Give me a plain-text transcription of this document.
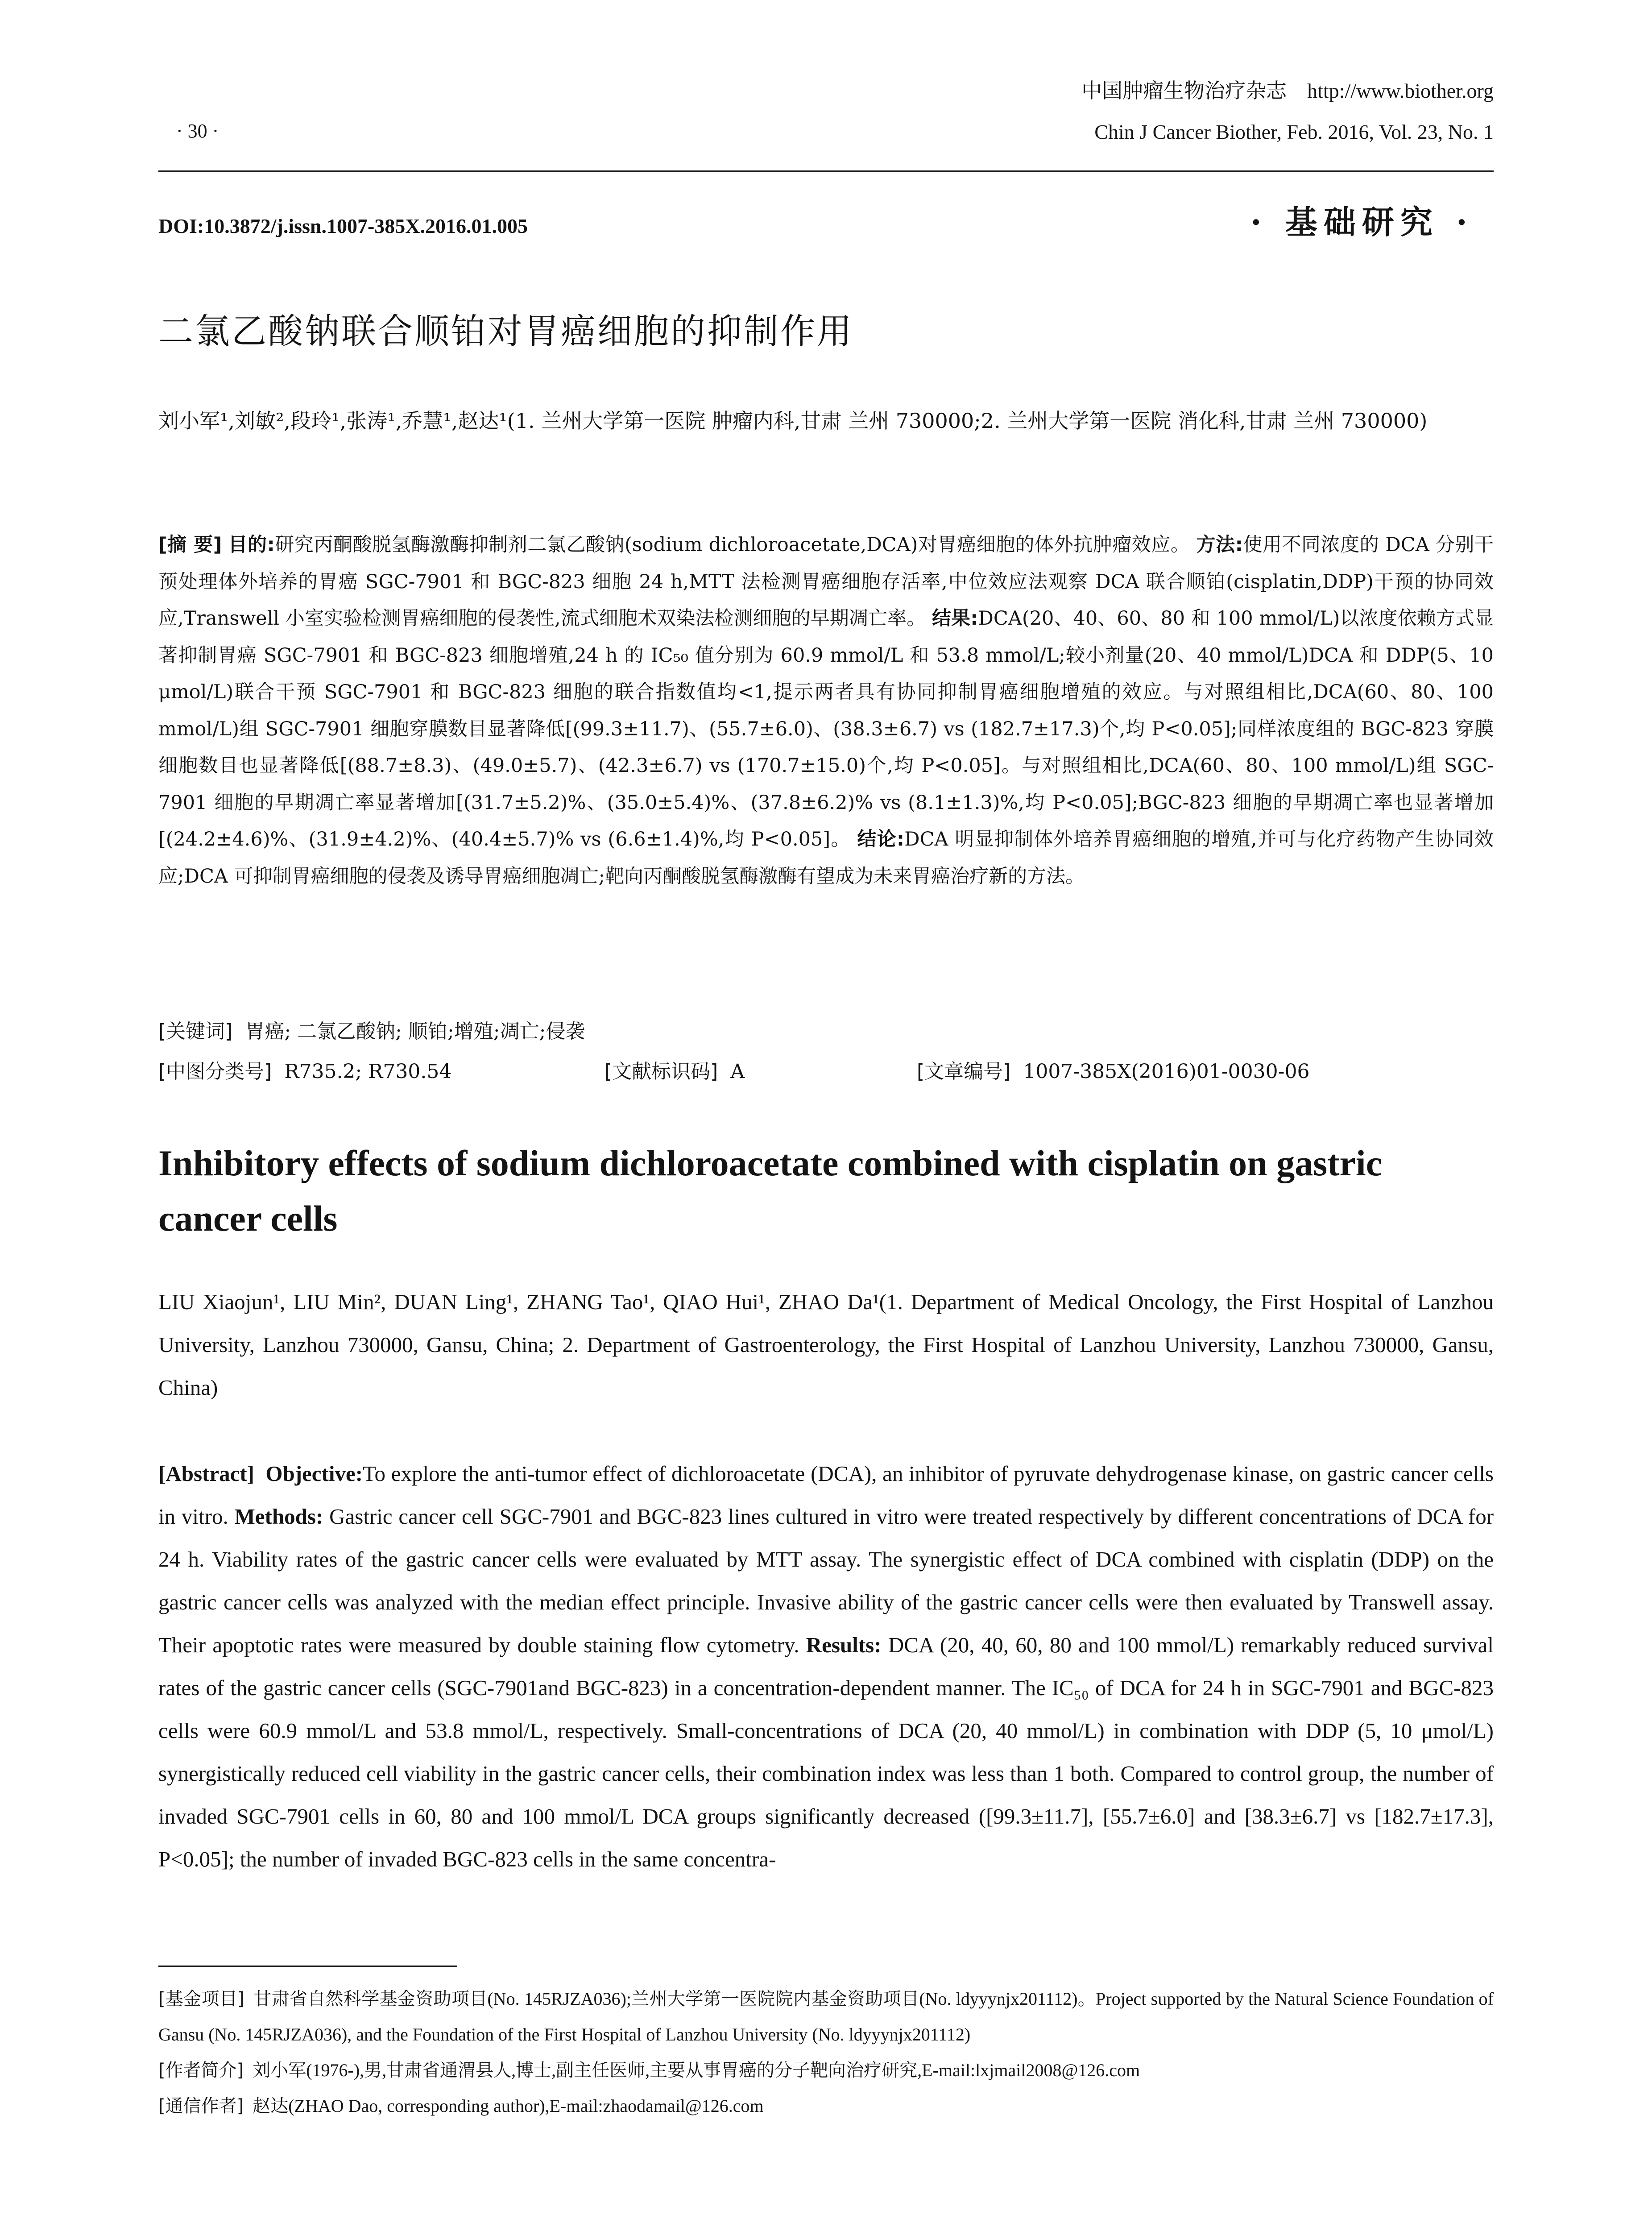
· 30 ·
中国肿瘤生物治疗杂志 http://www.biother.org
Chin J Cancer Biother, Feb. 2016, Vol. 23, No. 1
DOI:10.3872/j.issn.1007-385X.2016.01.005	· 基础研究 ·
二氯乙酸钠联合顺铂对胃癌细胞的抑制作用
刘小军¹,刘敏²,段玲¹,张涛¹,乔慧¹,赵达¹(1. 兰州大学第一医院 肿瘤内科,甘肃 兰州 730000;2. 兰州大学第一医院 消化科,甘肃 兰州 730000)
[摘 要] 目的:研究丙酮酸脱氢酶激酶抑制剂二氯乙酸钠(sodium dichloroacetate,DCA)对胃癌细胞的体外抗肿瘤效应。 方法:使用不同浓度的 DCA 分别干预处理体外培养的胃癌 SGC-7901 和 BGC-823 细胞 24 h,MTT 法检测胃癌细胞存活率,中位效应法观察 DCA 联合顺铂(cisplatin,DDP)干预的协同效应,Transwell 小室实验检测胃癌细胞的侵袭性,流式细胞术双染法检测细胞的早期凋亡率。 结果:DCA(20、40、60、80 和 100 mmol/L)以浓度依赖方式显著抑制胃癌 SGC-7901 和 BGC-823 细胞增殖,24 h 的 IC₅₀ 值分别为 60.9 mmol/L 和 53.8 mmol/L;较小剂量(20、40 mmol/L)DCA 和 DDP(5、10 μmol/L)联合干预 SGC-7901 和 BGC-823 细胞的联合指数值均<1,提示两者具有协同抑制胃癌细胞增殖的效应。与对照组相比,DCA(60、80、100 mmol/L)组 SGC-7901 细胞穿膜数目显著降低[(99.3±11.7)、(55.7±6.0)、(38.3±6.7) vs (182.7±17.3)个,均 P<0.05];同样浓度组的 BGC-823 穿膜细胞数目也显著降低[(88.7±8.3)、(49.0±5.7)、(42.3±6.7) vs (170.7±15.0)个,均 P<0.05]。与对照组相比,DCA(60、80、100 mmol/L)组 SGC-7901 细胞的早期凋亡率显著增加[(31.7±5.2)%、(35.0±5.4)%、(37.8±6.2)% vs (8.1±1.3)%,均 P<0.05];BGC-823 细胞的早期凋亡率也显著增加[(24.2±4.6)%、(31.9±4.2)%、(40.4±5.7)% vs (6.6±1.4)%,均 P<0.05]。 结论:DCA 明显抑制体外培养胃癌细胞的增殖,并可与化疗药物产生协同效应;DCA 可抑制胃癌细胞的侵袭及诱导胃癌细胞凋亡;靶向丙酮酸脱氢酶激酶有望成为未来胃癌治疗新的方法。
[关键词] 胃癌; 二氯乙酸钠; 顺铂;增殖;凋亡;侵袭
[中图分类号] R735.2; R730.54	[文献标识码] A	[文章编号] 1007-385X(2016)01-0030-06
Inhibitory effects of sodium dichloroacetate combined with cisplatin on gastric cancer cells
LIU Xiaojun¹, LIU Min², DUAN Ling¹, ZHANG Tao¹, QIAO Hui¹, ZHAO Da¹(1. Department of Medical Oncology, the First Hospital of Lanzhou University, Lanzhou 730000, Gansu, China; 2. Department of Gastroenterology, the First Hospital of Lanzhou University, Lanzhou 730000, Gansu, China)
[Abstract] Objective:To explore the anti-tumor effect of dichloroacetate (DCA), an inhibitor of pyruvate dehydrogenase kinase, on gastric cancer cells in vitro. Methods: Gastric cancer cell SGC-7901 and BGC-823 lines cultured in vitro were treated respectively by different concentrations of DCA for 24 h. Viability rates of the gastric cancer cells were evaluated by MTT assay. The synergistic effect of DCA combined with cisplatin (DDP) on the gastric cancer cells was analyzed with the median effect principle. Invasive ability of the gastric cancer cells were then evaluated by Transwell assay. Their apoptotic rates were measured by double staining flow cytometry. Results: DCA (20, 40, 60, 80 and 100 mmol/L) remarkably reduced survival rates of the gastric cancer cells (SGC-7901and BGC-823) in a concentration-dependent manner. The IC₅₀ of DCA for 24 h in SGC-7901 and BGC-823 cells were 60.9 mmol/L and 53.8 mmol/L, respectively. Small-concentrations of DCA (20, 40 mmol/L) in combination with DDP (5, 10 μmol/L) synergistically reduced cell viability in the gastric cancer cells, their combination index was less than 1 both. Compared to control group, the number of invaded SGC-7901 cells in 60, 80 and 100 mmol/L DCA groups significantly decreased ([99.3±11.7], [55.7±6.0] and [38.3±6.7] vs [182.7±17.3], P<0.05]; the number of invaded BGC-823 cells in the same concentra-
[基金项目] 甘肃省自然科学基金资助项目(No. 145RJZA036);兰州大学第一医院院内基金资助项目(No. ldyyynjx201112)。Project supported by the Natural Science Foundation of Gansu (No. 145RJZA036), and the Foundation of the First Hospital of Lanzhou University (No. ldyyynjx201112)
[作者简介] 刘小军(1976-),男,甘肃省通渭县人,博士,副主任医师,主要从事胃癌的分子靶向治疗研究,E-mail:lxjmail2008@126.com
[通信作者] 赵达(ZHAO Dao, corresponding author),E-mail:zhaodamail@126.com
